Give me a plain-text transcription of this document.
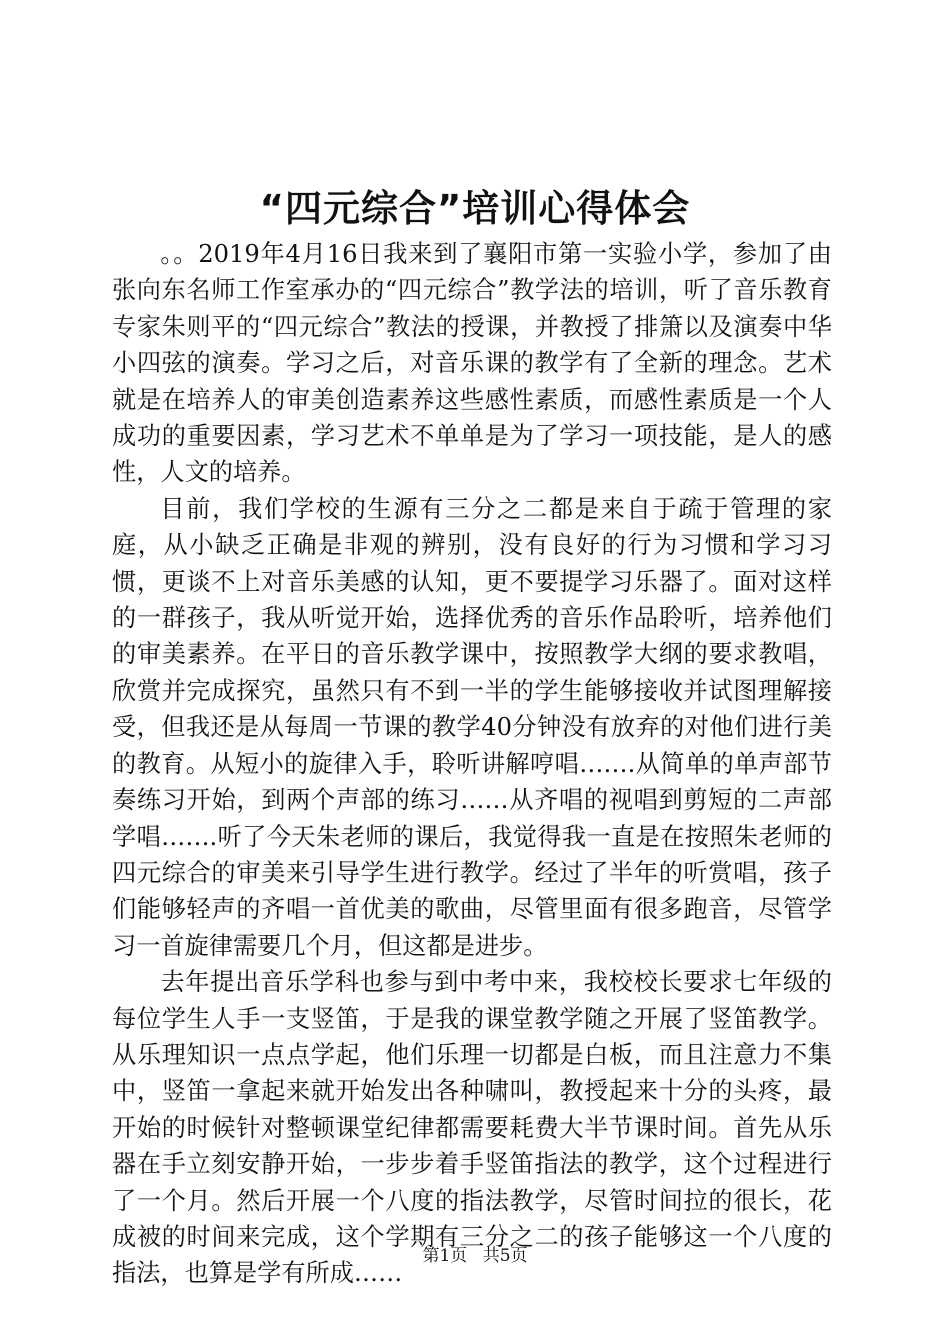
“四元综合”培训心得体会

。。2019年4月16日我来到了襄阳市第一实验小学，参加了由张向东名师工作室承办的“四元综合”教学法的培训，听了音乐教育专家朱则平的“四元综合”教法的授课，并教授了排箫以及演奏中华小四弦的演奏。学习之后，对音乐课的教学有了全新的理念。艺术就是在培养人的审美创造素养这些感性素质，而感性素质是一个人成功的重要因素，学习艺术不单单是为了学习一项技能，是人的感性，人文的培养。

目前，我们学校的生源有三分之二都是来自于疏于管理的家庭，从小缺乏正确是非观的辨别，没有良好的行为习惯和学习习惯，更谈不上对音乐美感的认知，更不要提学习乐器了。面对这样的一群孩子，我从听觉开始，选择优秀的音乐作品聆听，培养他们的审美素养。在平日的音乐教学课中，按照教学大纲的要求教唱，欣赏并完成探究，虽然只有不到一半的学生能够接收并试图理解接受，但我还是从每周一节课的教学40分钟没有放弃的对他们进行美的教育。从短小的旋律入手，聆听讲解哼唱…….从简单的单声部节奏练习开始，到两个声部的练习……从齐唱的视唱到剪短的二声部学唱…….听了今天朱老师的课后，我觉得我一直是在按照朱老师的四元综合的审美来引导学生进行教学。经过了半年的听赏唱，孩子们能够轻声的齐唱一首优美的歌曲，尽管里面有很多跑音，尽管学习一首旋律需要几个月，但这都是进步。

去年提出音乐学科也参与到中考中来，我校校长要求七年级的每位学生人手一支竖笛，于是我的课堂教学随之开展了竖笛教学。从乐理知识一点点学起，他们乐理一切都是白板，而且注意力不集中，竖笛一拿起来就开始发出各种啸叫，教授起来十分的头疼，最开始的时候针对整顿课堂纪律都需要耗费大半节课时间。首先从乐器在手立刻安静开始，一步步着手竖笛指法的教学，这个过程进行了一个月。然后开展一个八度的指法教学，尽管时间拉的很长，花成被的时间来完成，这个学期有三分之二的孩子能够这一个八度的指法，也算是学有所成……

第1页 共5页
